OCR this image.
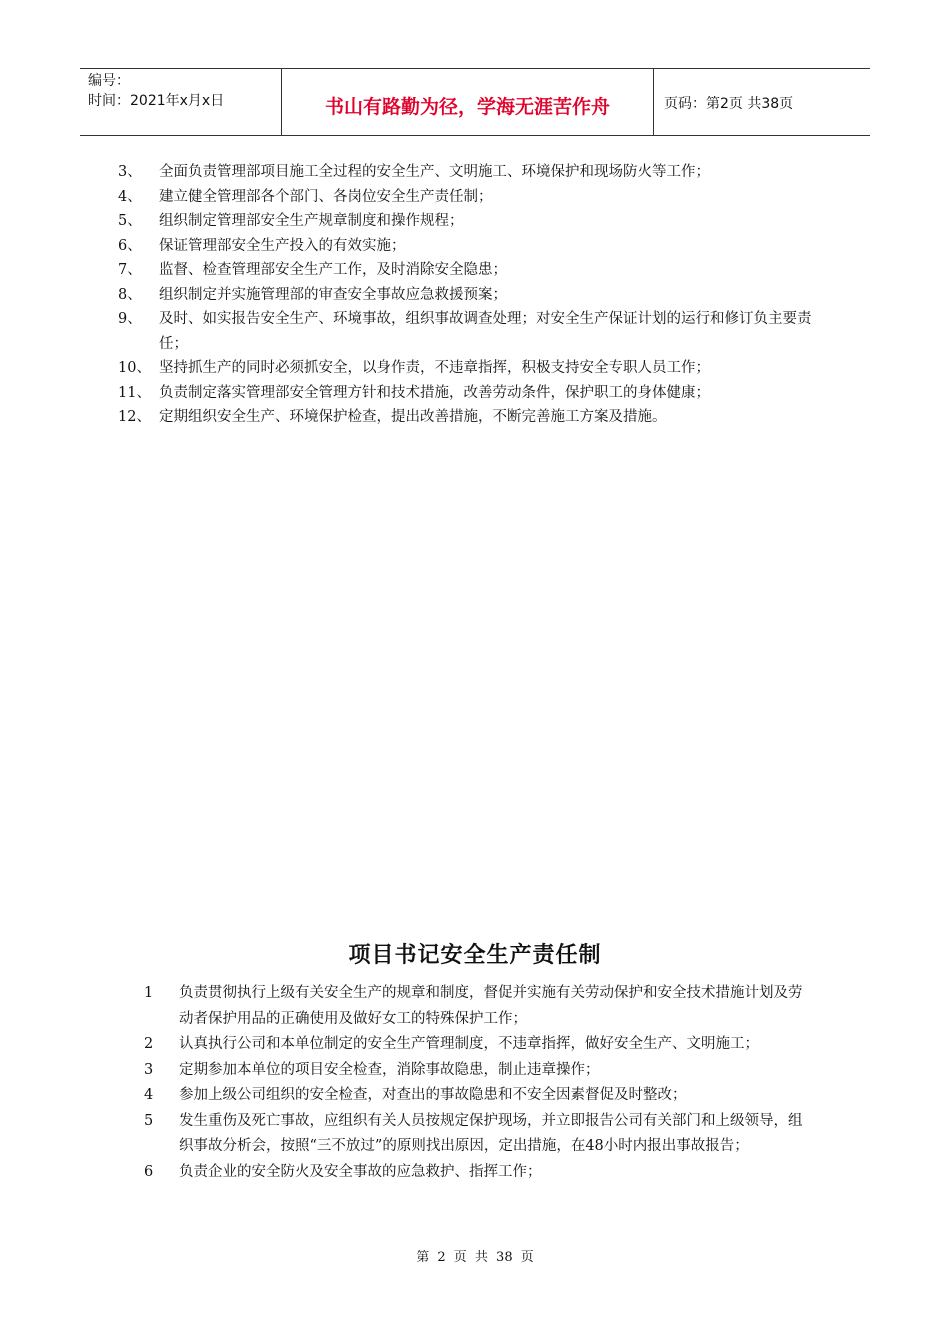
编号：
时间：2021年x月x日	书山有路勤为径，学海无涯苦作舟	页码：第2页 共38页
3、	全面负责管理部项目施工全过程的安全生产、文明施工、环境保护和现场防火等工作；
4、	建立健全管理部各个部门、各岗位安全生产责任制；
5、	组织制定管理部安全生产规章制度和操作规程；
6、	保证管理部安全生产投入的有效实施；
7、	监督、检查管理部安全生产工作，及时消除安全隐患；
8、	组织制定并实施管理部的审查安全事故应急救援预案；
9、	及时、如实报告安全生产、环境事故，组织事故调查处理；对安全生产保证计划的运行和修订负主要责任；
10、 坚持抓生产的同时必须抓安全，以身作责，不违章指挥，积极支持安全专职人员工作；
11、 负责制定落实管理部安全管理方针和技术措施，改善劳动条件，保护职工的身体健康；
12、 定期组织安全生产、环境保护检查，提出改善措施，不断完善施工方案及措施。
项目书记安全生产责任制
1	负责贯彻执行上级有关安全生产的规章和制度，督促并实施有关劳动保护和安全技术措施计划及劳动者保护用品的正确使用及做好女工的特殊保护工作；
2	认真执行公司和本单位制定的安全生产管理制度，不违章指挥，做好安全生产、文明施工；
3	定期参加本单位的项目安全检查，消除事故隐患，制止违章操作；
4	参加上级公司组织的安全检查，对查出的事故隐患和不安全因素督促及时整改；
5	发生重伤及死亡事故，应组织有关人员按规定保护现场，并立即报告公司有关部门和上级领导，组织事故分析会，按照“三不放过”的原则找出原因，定出措施，在48小时内报出事故报告；
6	负责企业的安全防火及安全事故的应急救护、指挥工作；
第 2 页 共 38 页
